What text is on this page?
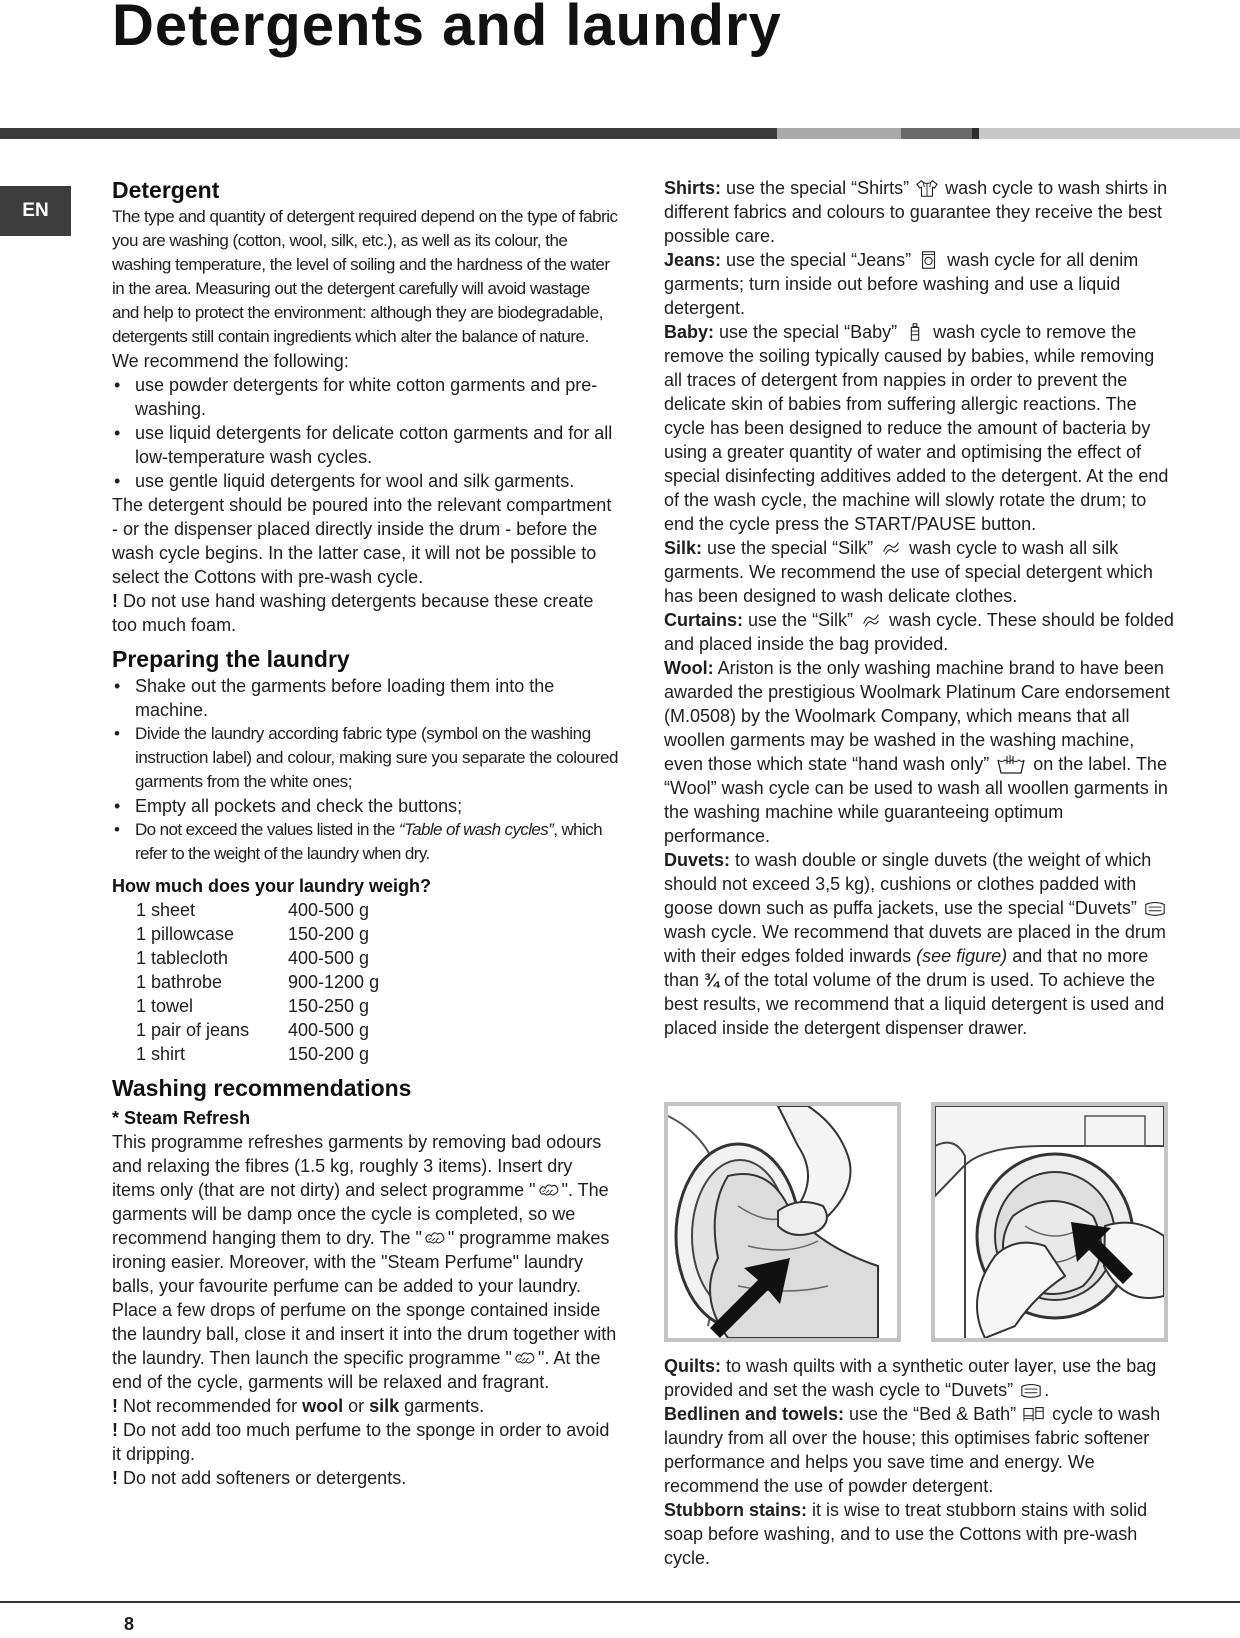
Detergents and laundry
EN
Detergent

The type and quantity of detergent required depend on the type of fabric you are washing (cotton, wool, silk, etc.), as well as its colour, the washing temperature, the level of soiling and the hardness of the water in the area. Measuring out the detergent carefully will avoid wastage and help to protect the environment: although they are biodegradable, detergents still contain ingredients which alter the balance of nature.

We recommend the following:

• use powder detergents for white cotton garments and pre-washing.
• use liquid detergents for delicate cotton garments and for all low-temperature wash cycles.
• use gentle liquid detergents for wool and silk garments.

The detergent should be poured into the relevant compartment - or the dispenser placed directly inside the drum - before the wash cycle begins. In the latter case, it will not be possible to select the Cottons with pre-wash cycle.

! Do not use hand washing detergents because these create too much foam.

Preparing the laundry
• Shake out the garments before loading them into the machine.
• Divide the laundry according fabric type (symbol on the washing instruction label) and colour, making sure you separate the coloured garments from the white ones;
• Empty all pockets and check the buttons;
• Do not exceed the values listed in the “Table of wash cycles”, which refer to the weight of the laundry when dry.
How much does your laundry weigh?
1 sheet	400-500 g
1 pillowcase	150-200 g
1 tablecloth	400-500 g
1 bathrobe	900-1200 g
1 towel	150-250 g
1 pair of jeans	400-500 g
1 shirt	150-200 g
Washing recommendations
* Steam Refresh

This programme refreshes garments by removing bad odours and relaxing the fibres (1.5 kg, roughly 3 items). Insert dry items only (that are not dirty) and select programme " ". The garments will be damp once the cycle is completed, so we recommend hanging them to dry. The " " programme makes ironing easier. Moreover, with the "Steam Perfume" laundry balls, your favourite perfume can be added to your laundry. Place a few drops of perfume on the sponge contained inside the laundry ball, close it and insert it into the drum together with the laundry. Then launch the specific programme " ". At the end of the cycle, garments will be relaxed and fragrant.

! Not recommended for wool or silk garments.

! Do not add too much perfume to the sponge in order to avoid it dripping.

! Do not add softeners or detergents.

Shirts: use the special “Shirts”
wash cycle to wash shirts in different fabrics and colours to guarantee they receive the best possible care.

Jeans: use the special “Jeans”
wash cycle for all denim garments; turn inside out before washing and use a liquid detergent.

Baby: use the special “Baby”
wash cycle to remove the remove the soiling typically caused by babies, while removing all traces of detergent from nappies in order to prevent the delicate skin of babies from suffering allergic reactions. The cycle has been designed to reduce the amount of bacteria by using a greater quantity of water and optimising the effect of special disinfecting additives added to the detergent. At the end of the wash cycle, the machine will slowly rotate the drum; to end the cycle press the START/PAUSE button.

Silk: use the special “Silk”
wash cycle to wash all silk garments. We recommend the use of special detergent which has been designed to wash delicate clothes.

Curtains: use the “Silk”
wash cycle. These should be folded and placed inside the bag provided.

Wool: Ariston is the only washing machine brand to have been awarded the prestigious Woolmark Platinum Care endorsement (M.0508) by the Woolmark Company, which means that all woollen garments may be washed in the washing machine, even those which state “hand wash only”
on the label. The “Wool” wash cycle can be used to wash all woollen garments in the washing machine while guaranteeing optimum performance.

Duvets: to wash double or single duvets (the weight of which should not exceed 3,5 kg), cushions or clothes padded with goose down such as puffa jackets, use the special “Duvets”
wash cycle. We recommend that duvets are placed in the drum with their edges folded inwards (see figure) and that no more than ¾ of the total volume of the drum is used. To achieve the best results, we recommend that a liquid detergent is used and placed inside the detergent dispenser drawer.

Quilts: to wash quilts with a synthetic outer layer, use the bag provided and set the wash cycle to “Duvets”
.

Bedlinen and towels: use the “Bed & Bath”
cycle to wash laundry from all over the house; this optimises fabric softener performance and helps you save time and energy. We recommend the use of powder detergent.

Stubborn stains: it is wise to treat stubborn stains with solid soap before washing, and to use the Cottons with pre-wash cycle.

8
